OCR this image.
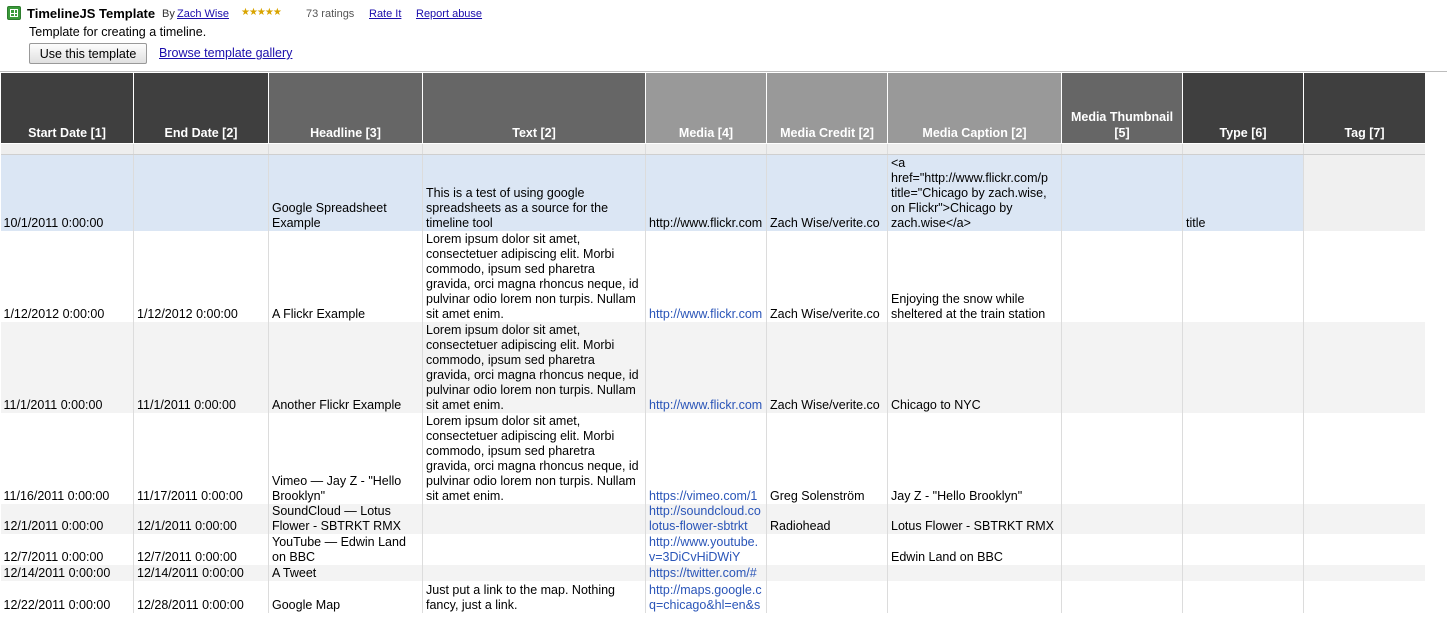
TimelineJS Template By Zach Wise ★★★★★ 73 ratings Rate It Report abuse
Template for creating a timeline.
Use this template	Browse template gallery
Start Date [1]	End Date [2]	Headline [3]	Text [2]	Media [4]	Media Credit [2]	Media Caption [2]	Media Thumbnail [5]	Type [6]	Tag [7]

10/1/2011 0:00:00		Google Spreadsheet Example	This is a test of using google spreadsheets as a source for the timeline tool	http://www.flickr.com	Zach Wise/verite.co	<a href="http://www.flickr.com/p title="Chicago by zach.wise, on Flickr">Chicago by zach.wise</a>		title	
1/12/2012 0:00:00	1/12/2012 0:00:00	A Flickr Example	Lorem ipsum dolor sit amet, consectetuer adipiscing elit. Morbi commodo, ipsum sed pharetra gravida, orci magna rhoncus neque, id pulvinar odio lorem non turpis. Nullam sit amet enim.	http://www.flickr.com	Zach Wise/verite.co	Enjoying the snow while sheltered at the train station			
11/1/2011 0:00:00	11/1/2011 0:00:00	Another Flickr Example	Lorem ipsum dolor sit amet, consectetuer adipiscing elit. Morbi commodo, ipsum sed pharetra gravida, orci magna rhoncus neque, id pulvinar odio lorem non turpis. Nullam sit amet enim.	http://www.flickr.com	Zach Wise/verite.co	Chicago to NYC			
11/16/2011 0:00:00	11/17/2011 0:00:00	Vimeo — Jay Z - "Hello Brooklyn"	Lorem ipsum dolor sit amet, consectetuer adipiscing elit. Morbi commodo, ipsum sed pharetra gravida, orci magna rhoncus neque, id pulvinar odio lorem non turpis. Nullam sit amet enim.	https://vimeo.com/1	Greg Solenström	Jay Z - "Hello Brooklyn"			
12/1/2011 0:00:00	12/1/2011 0:00:00	SoundCloud — Lotus Flower - SBTRKT RMX		http://soundcloud.co lotus-flower-sbtrkt	Radiohead	Lotus Flower - SBTRKT RMX			
12/7/2011 0:00:00	12/7/2011 0:00:00	YouTube — Edwin Land on BBC		http://www.youtube. v=3DiCvHiDWiY		Edwin Land on BBC			
12/14/2011 0:00:00	12/14/2011 0:00:00	A Tweet		https://twitter.com/#					
12/22/2011 0:00:00	12/28/2011 0:00:00	Google Map	Just put a link to the map. Nothing fancy, just a link.	http://maps.google.c q=chicago&hl=en&s					
